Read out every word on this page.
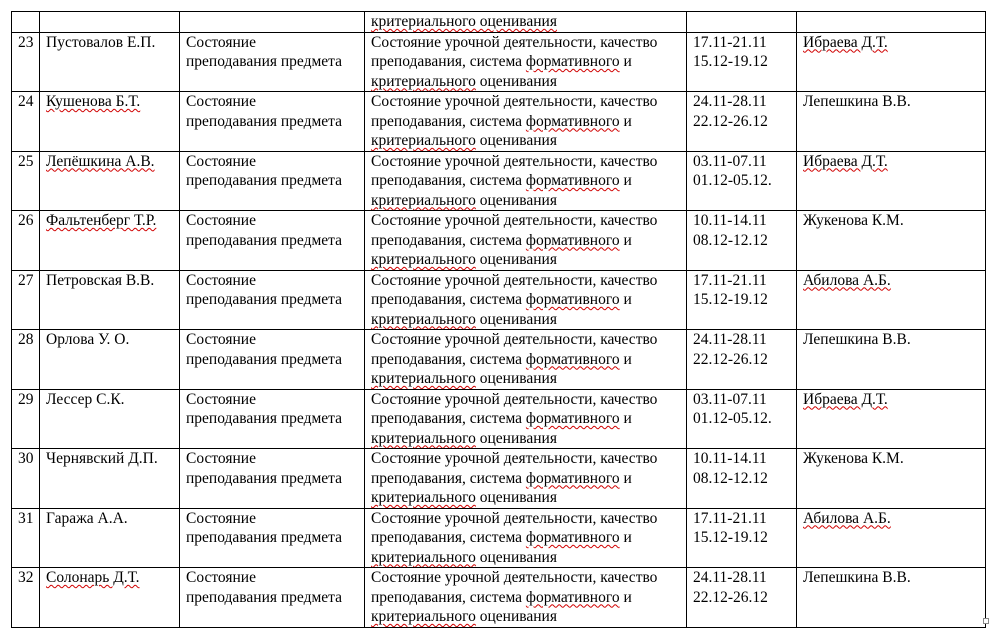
			критериального оценивания		
23	Пустовалов Е.П.	Состояние
преподавания предмета	Состояние урочной деятельности, качество
преподавания, система формативного и
критериального оценивания	17.11-21.11
15.12-19.12	Ибраева Д.Т.
24	Кушенова Б.Т.	Состояние
преподавания предмета	Состояние урочной деятельности, качество
преподавания, система формативного и
критериального оценивания	24.11-28.11
22.12-26.12	Лепешкина В.В.
25	Лепёшкина А.В.	Состояние
преподавания предмета	Состояние урочной деятельности, качество
преподавания, система формативного и
критериального оценивания	03.11-07.11
01.12-05.12.	Ибраева Д.Т.
26	Фальтенберг Т.Р.	Состояние
преподавания предмета	Состояние урочной деятельности, качество
преподавания, система формативного и
критериального оценивания	10.11-14.11
08.12-12.12	Жукенова К.М.
27	Петровская В.В.	Состояние
преподавания предмета	Состояние урочной деятельности, качество
преподавания, система формативного и
критериального оценивания	17.11-21.11
15.12-19.12	Абилова А.Б.
28	Орлова У. О.	Состояние
преподавания предмета	Состояние урочной деятельности, качество
преподавания, система формативного и
критериального оценивания	24.11-28.11
22.12-26.12	Лепешкина В.В.
29	Лессер С.К.	Состояние
преподавания предмета	Состояние урочной деятельности, качество
преподавания, система формативного и
критериального оценивания	03.11-07.11
01.12-05.12.	Ибраева Д.Т.
30	Чернявский Д.П.	Состояние
преподавания предмета	Состояние урочной деятельности, качество
преподавания, система формативного и
критериального оценивания	10.11-14.11
08.12-12.12	Жукенова К.М.
31	Гаража А.А.	Состояние
преподавания предмета	Состояние урочной деятельности, качество
преподавания, система формативного и
критериального оценивания	17.11-21.11
15.12-19.12	Абилова А.Б.
32	Солонарь Д.Т.	Состояние
преподавания предмета	Состояние урочной деятельности, качество
преподавания, система формативного и
критериального оценивания	24.11-28.11
22.12-26.12	Лепешкина В.В.
